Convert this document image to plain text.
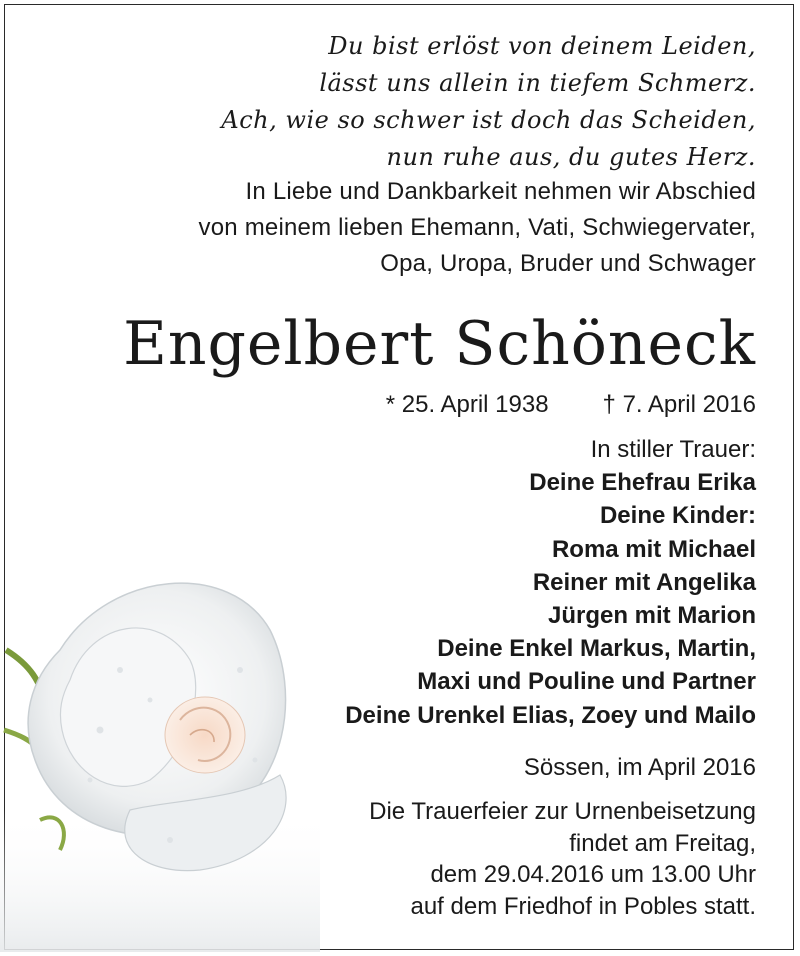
Du bist erlöst von deinem Leiden,
lässt uns allein in tiefem Schmerz.
Ach, wie so schwer ist doch das Scheiden,
nun ruhe aus, du gutes Herz.
In Liebe und Dankbarkeit nehmen wir Abschied
von meinem lieben Ehemann, Vati, Schwiegervater,
Opa, Uropa, Bruder und Schwager
Engelbert Schöneck
* 25. April 1938 † 7. April 2016
In stiller Trauer:
Deine Ehefrau Erika
Deine Kinder:
Roma mit Michael
Reiner mit Angelika
Jürgen mit Marion
Deine Enkel Markus, Martin,
Maxi und Pouline und Partner
Deine Urenkel Elias, Zoey und Mailo
Sössen, im April 2016
Die Trauerfeier zur Urnenbeisetzung
findet am Freitag,
dem 29.04.2016 um 13.00 Uhr
auf dem Friedhof in Pobles statt.
